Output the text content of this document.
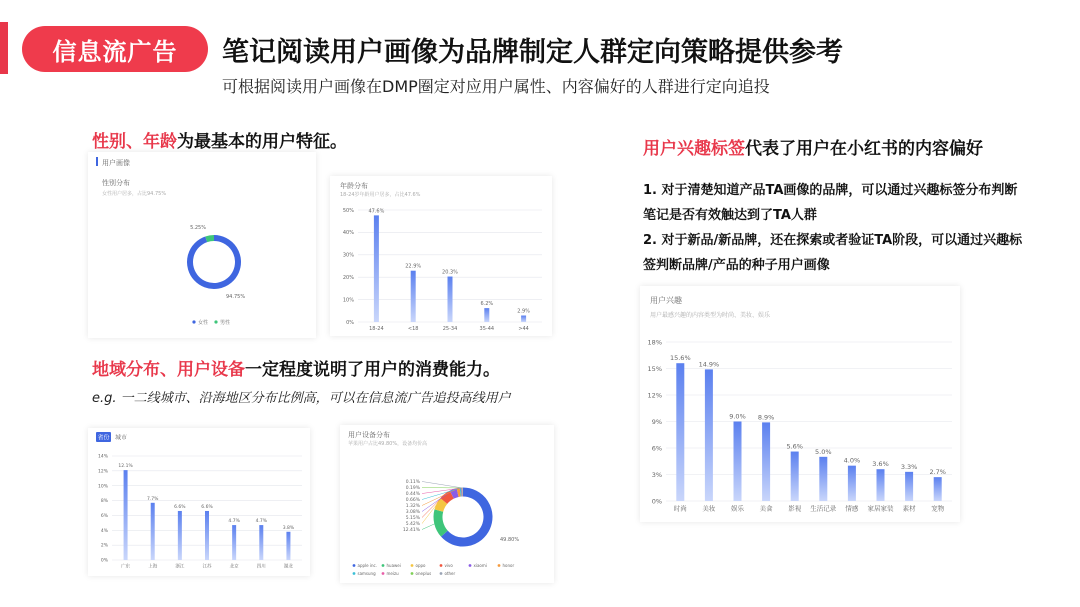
信息流广告	笔记阅读用户画像为品牌制定人群定向策略提供参考
可根据阅读用户画像在DMP圈定对应用户属性、内容偏好的人群进行定向追投
性别、年龄为最基本的用户特征。
地域分布、用户设备一定程度说明了用户的消费能力。
e.g. 一二线城市、沿海地区分布比例高，可以在信息流广告追投高线用户
用户兴趣标签代表了用户在小红书的内容偏好
1. 对于清楚知道产品TA画像的品牌，可以通过兴趣标签分布判断笔记是否有效触达到了TA人群
2. 对于新品/新品牌，还在探索或者验证TA阶段，可以通过兴趣标签判断品牌/产品的种子用户画像
用户画像
性别分布
女性用户居多，占比94.75%
5.25%
94.75%
女性 男性
年龄分布
18-24岁年龄用户居多，占比47.6%
0%
10%
20%
30%
40%
50%	47.6%
18-24
22.9%
<18
20.3%
25-34
6.2%
35-44
2.9%
>44
省份 城市
0%
2%
4%
6%
8%
10%
12%
14%
12.1%
广东
7.7%
上海
6.6%
浙江
6.6%
江苏
4.7%
北京
4.7%
四川
3.8%
湖北
用户设备分布
苹果用户占比49.80%，设备均价高
49.80%
12.41%
5.42%
5.15%
3.08%
1.32%
0.66%
0.44%
0.19%
0.11%
apple inc. huawei	oppo	vivo	xiaomi	honor
samsung	meizu	oneplus	other
用户兴趣
用户最感兴趣的内容类型为时尚、美妆、娱乐
0%
3%
6%
9%
12%
15%
18%
15.6%
时尚
14.9%
美妆
9.0%
娱乐
8.9%
美食
5.6%
影视
5.0%
生活记录
4.0%
情感
3.6%
家居家装
3.3%
素材
2.7%
宠物
